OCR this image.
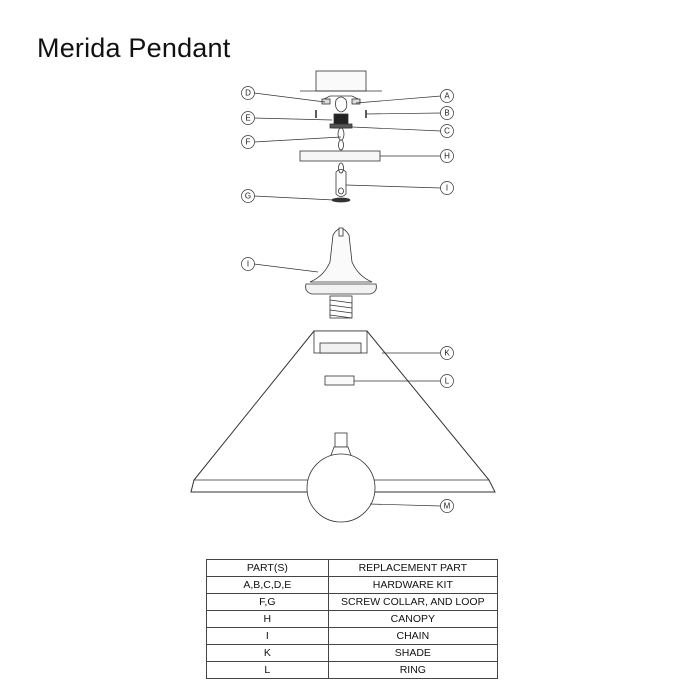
Merida Pendant
D	A
B
E
C
F
H
I
G
I
K
L
M
PART(S)	REPLACEMENT PART
A,B,C,D,E	HARDWARE KIT
F,G	SCREW COLLAR, AND LOOP
H	CANOPY
I	CHAIN
K	SHADE
L	RING
